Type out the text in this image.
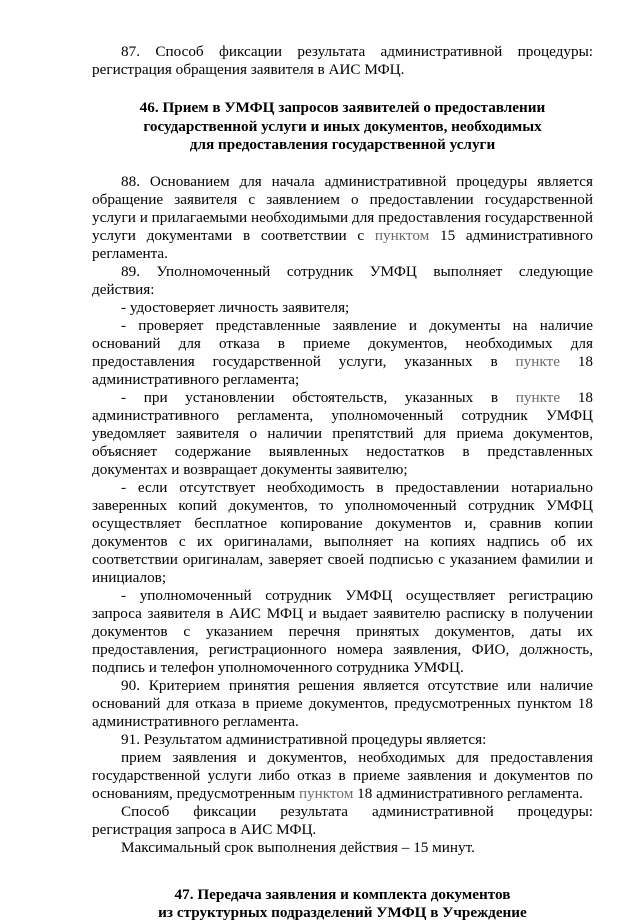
87. Способ фиксации результата административной процедуры: регистрация обращения заявителя в АИС МФЦ.

46. Прием в УМФЦ запросов заявителей о предоставлении
государственной услуги и иных документов, необходимых
для предоставления государственной услуги

88. Основанием для начала административной процедуры является обращение заявителя с заявлением о предоставлении государственной услуги и прилагаемыми необходимыми для предоставления государственной услуги документами в соответствии с пунктом 15 административного регламента.

89. Уполномоченный сотрудник УМФЦ выполняет следующие действия:

- удостоверяет личность заявителя;

- проверяет представленные заявление и документы на наличие оснований для отказа в приеме документов, необходимых для предоставления государственной услуги, указанных в пункте 18 административного регламента;

- при установлении обстоятельств, указанных в пункте 18 административного регламента, уполномоченный сотрудник УМФЦ уведомляет заявителя о наличии препятствий для приема документов, объясняет содержание выявленных недостатков в представленных документах и возвращает документы заявителю;

- если отсутствует необходимость в предоставлении нотариально заверенных копий документов, то уполномоченный сотрудник УМФЦ осуществляет бесплатное копирование документов и, сравнив копии документов с их оригиналами, выполняет на копиях надпись об их соответствии оригиналам, заверяет своей подписью с указанием фамилии и инициалов;

- уполномоченный сотрудник УМФЦ осуществляет регистрацию запроса заявителя в АИС МФЦ и выдает заявителю расписку в получении документов с указанием перечня принятых документов, даты их предоставления, регистрационного номера заявления, ФИО, должность, подпись и телефон уполномоченного сотрудника УМФЦ.

90. Критерием принятия решения является отсутствие или наличие оснований для отказа в приеме документов, предусмотренных пунктом 18 административного регламента.

91. Результатом административной процедуры является:

прием заявления и документов, необходимых для предоставления государственной услуги либо отказ в приеме заявления и документов по основаниям, предусмотренным пунктом 18 административного регламента.

Способ фиксации результата административной процедуры: регистрация запроса в АИС МФЦ.

Максимальный срок выполнения действия – 15 минут.

47. Передача заявления и комплекта документов
из структурных подразделений УМФЦ в Учреждение
